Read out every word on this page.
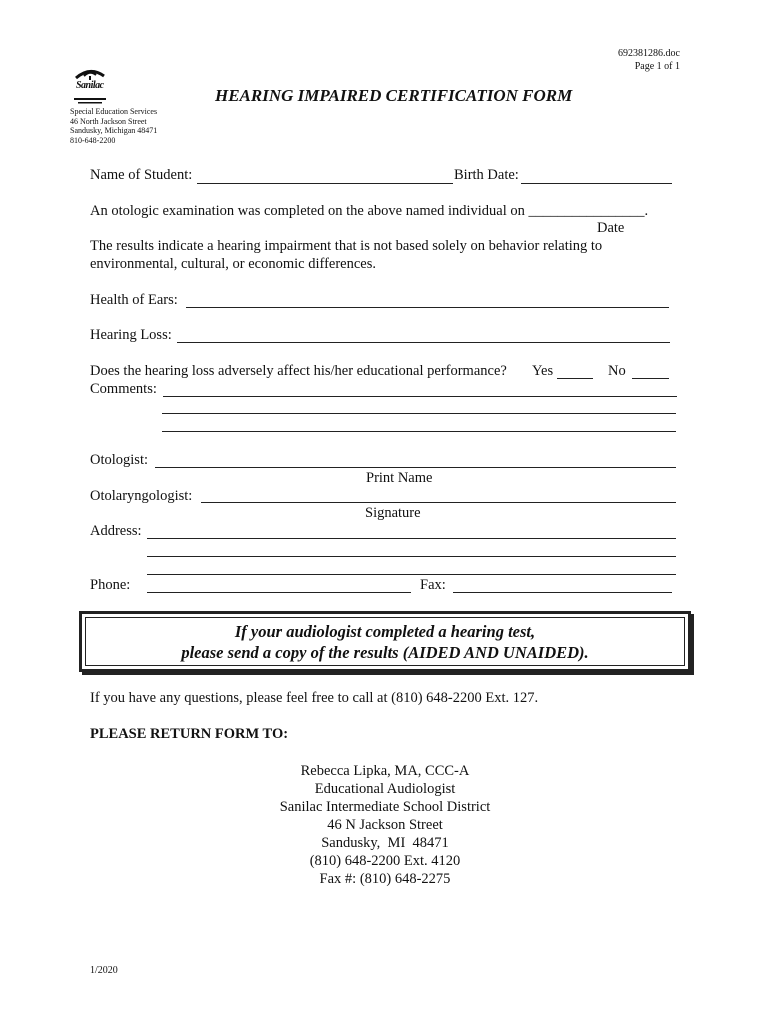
692381286.doc
Page 1 of 1
Sanilac
Special Education Services
46 North Jackson Street
Sandusky, Michigan 48471
810-648-2200
HEARING IMPAIRED CERTIFICATION FORM
Name of Student:	Birth Date:
An otologic examination was completed on the above named individual on ________________.
Date
The results indicate a hearing impairment that is not based solely on behavior relating to
environmental, cultural, or economic differences.
Health of Ears:
Hearing Loss:
Does the hearing loss adversely affect his/her educational performance? Yes	No
Comments:
Otologist:
Print Name
Otolaryngologist:
Signature
Address:
Phone:	Fax:
If your audiologist completed a hearing test,
please send a copy of the results (AIDED AND UNAIDED).
If you have any questions, please feel free to call at (810) 648-2200 Ext. 127.
PLEASE RETURN FORM TO:
Rebecca Lipka, MA, CCC-A
Educational Audiologist
Sanilac Intermediate School District
46 N Jackson Street
Sandusky,  MI  48471
(810) 648-2200 Ext. 4120
Fax #: (810) 648-2275
1/2020
